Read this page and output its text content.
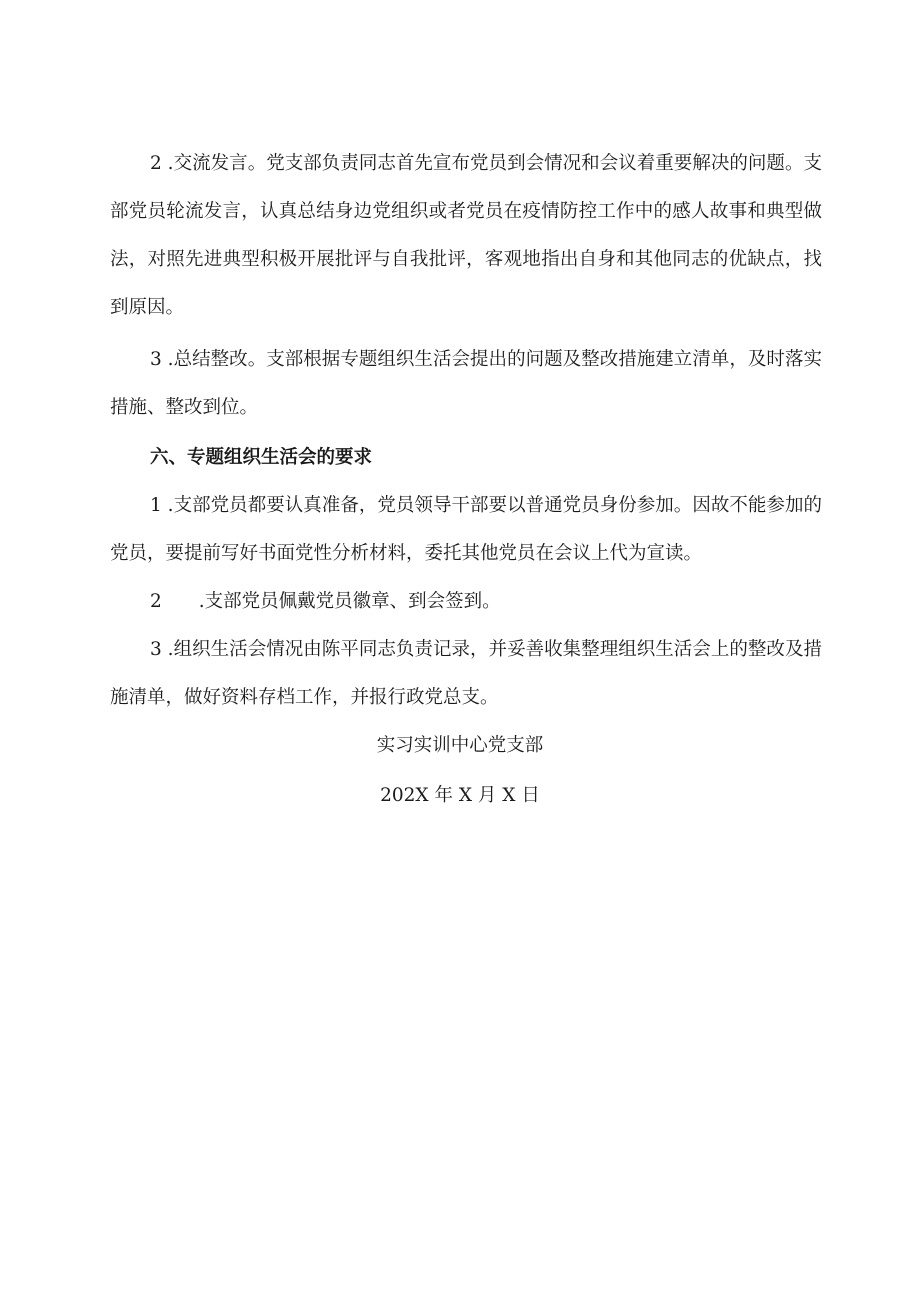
2 .交流发言。党支部负责同志首先宣布党员到会情况和会议着重要解决的问题。支部党员轮流发言，认真总结身边党组织或者党员在疫情防控工作中的感人故事和典型做法，对照先进典型积极开展批评与自我批评，客观地指出自身和其他同志的优缺点，找到原因。

3 .总结整改。支部根据专题组织生活会提出的问题及整改措施建立清单，及时落实措施、整改到位。

六、专题组织生活会的要求

1 .支部党员都要认真准备，党员领导干部要以普通党员身份参加。因故不能参加的党员，要提前写好书面党性分析材料，委托其他党员在会议上代为宣读。

2　　.支部党员佩戴党员徽章、到会签到。

3 .组织生活会情况由陈平同志负责记录，并妥善收集整理组织生活会上的整改及措施清单，做好资料存档工作，并报行政党总支。

实习实训中心党支部

202X 年 X 月 X 日
